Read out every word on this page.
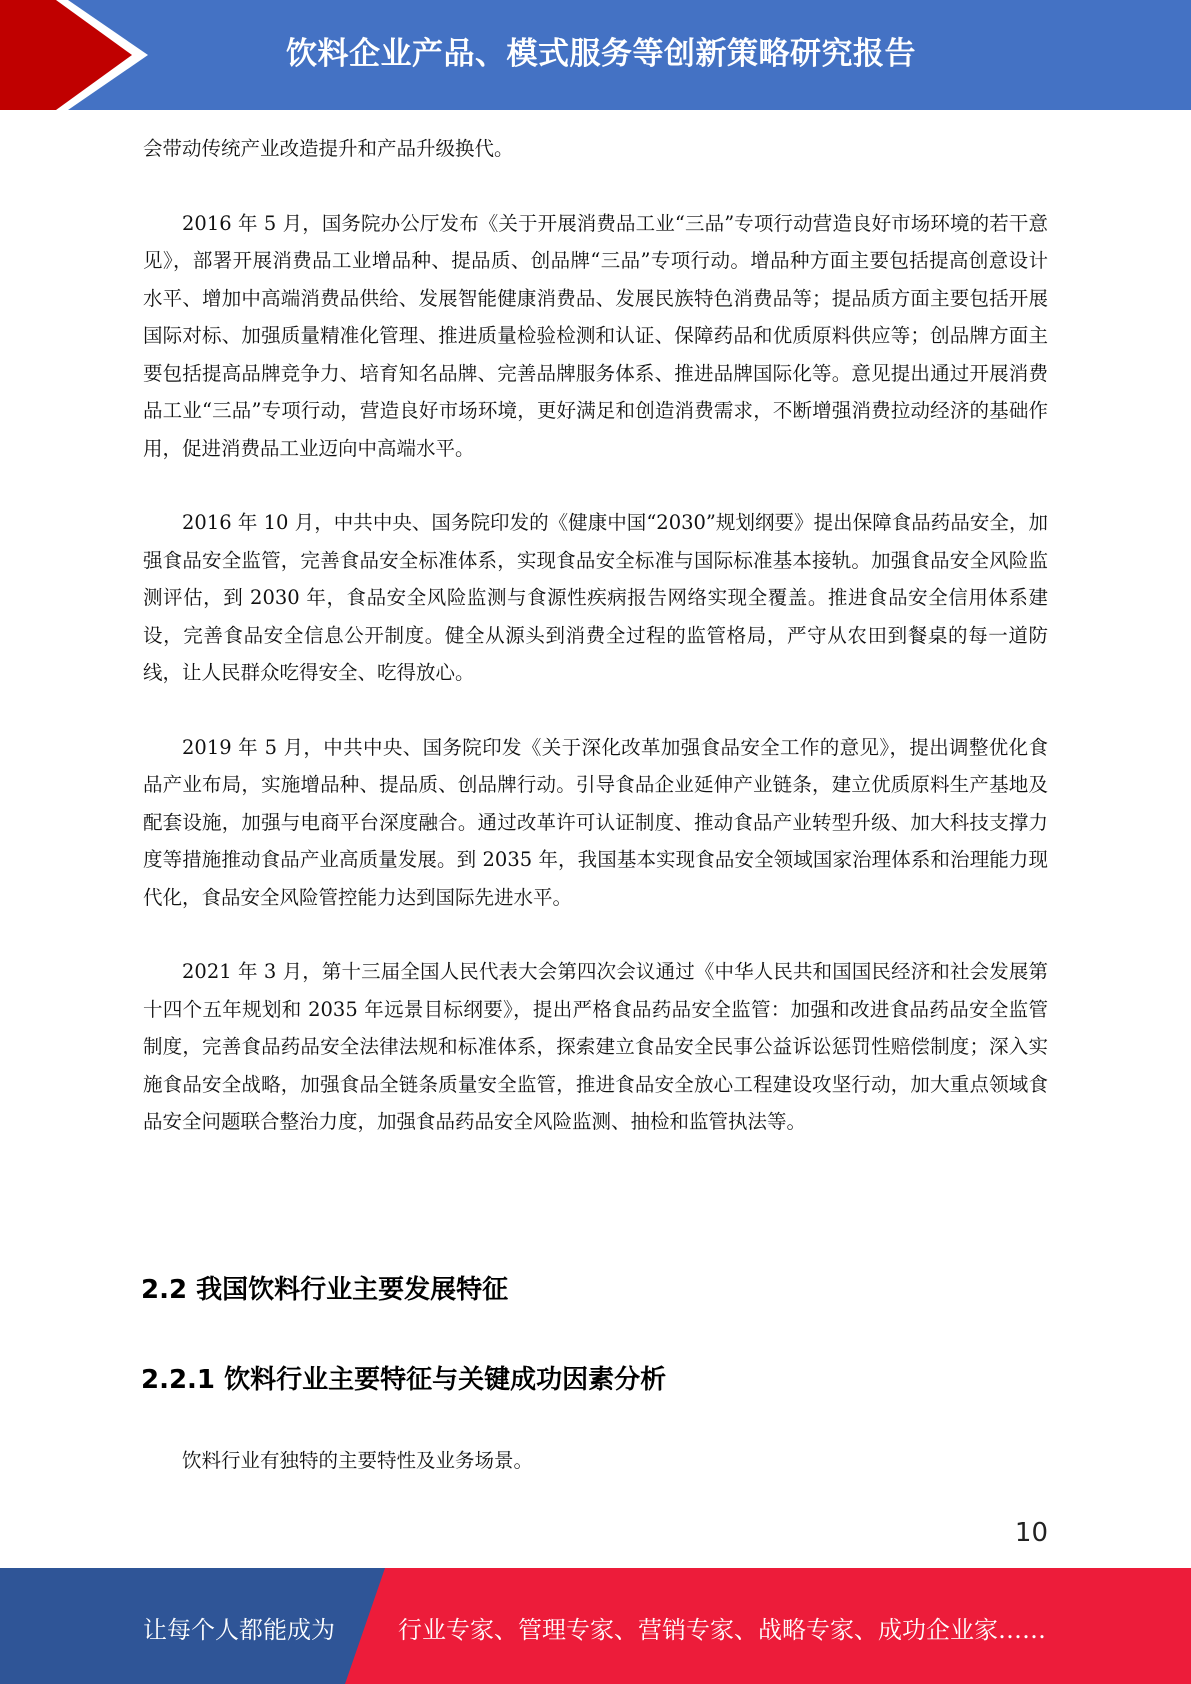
饮料企业产品、模式服务等创新策略研究报告

会带动传统产业改造提升和产品升级换代。

2016 年 5 月，国务院办公厅发布《关于开展消费品工业“三品”专项行动营造良好市场环境的若干意见》，部署开展消费品工业增品种、提品质、创品牌“三品”专项行动。增品种方面主要包括提高创意设计水平、增加中高端消费品供给、发展智能健康消费品、发展民族特色消费品等；提品质方面主要包括开展国际对标、加强质量精准化管理、推进质量检验检测和认证、保障药品和优质原料供应等；创品牌方面主要包括提高品牌竞争力、培育知名品牌、完善品牌服务体系、推进品牌国际化等。意见提出通过开展消费品工业“三品”专项行动，营造良好市场环境，更好满足和创造消费需求，不断增强消费拉动经济的基础作用，促进消费品工业迈向中高端水平。

2016 年 10 月，中共中央、国务院印发的《健康中国“2030”规划纲要》提出保障食品药品安全，加强食品安全监管，完善食品安全标准体系，实现食品安全标准与国际标准基本接轨。加强食品安全风险监测评估，到 2030 年，食品安全风险监测与食源性疾病报告网络实现全覆盖。推进食品安全信用体系建设，完善食品安全信息公开制度。健全从源头到消费全过程的监管格局，严守从农田到餐桌的每一道防线，让人民群众吃得安全、吃得放心。

2019 年 5 月，中共中央、国务院印发《关于深化改革加强食品安全工作的意见》，提出调整优化食品产业布局，实施增品种、提品质、创品牌行动。引导食品企业延伸产业链条，建立优质原料生产基地及配套设施，加强与电商平台深度融合。通过改革许可认证制度、推动食品产业转型升级、加大科技支撑力度等措施推动食品产业高质量发展。到 2035 年，我国基本实现食品安全领域国家治理体系和治理能力现代化，食品安全风险管控能力达到国际先进水平。

2021 年 3 月，第十三届全国人民代表大会第四次会议通过《中华人民共和国国民经济和社会发展第十四个五年规划和 2035 年远景目标纲要》，提出严格食品药品安全监管：加强和改进食品药品安全监管制度，完善食品药品安全法律法规和标准体系，探索建立食品安全民事公益诉讼惩罚性赔偿制度；深入实施食品安全战略，加强食品全链条质量安全监管，推进食品安全放心工程建设攻坚行动，加大重点领域食品安全问题联合整治力度，加强食品药品安全风险监测、抽检和监管执法等。

2.2 我国饮料行业主要发展特征
2.2.1 饮料行业主要特征与关键成功因素分析

饮料行业有独特的主要特性及业务场景。

10
让每个人都能成为	行业专家、管理专家、营销专家、战略专家、成功企业家……
